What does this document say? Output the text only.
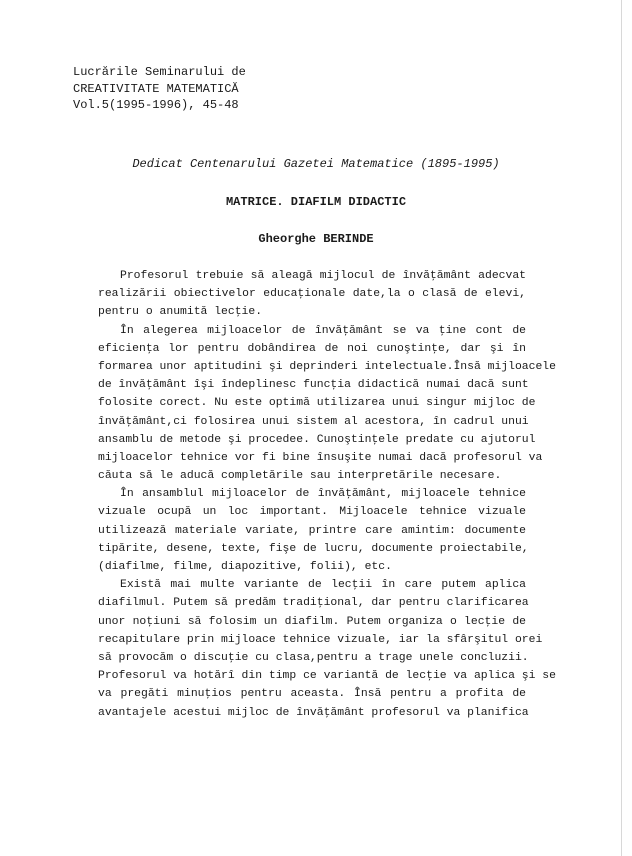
Lucrările Seminarului de
CREATIVITATE MATEMATICĂ
Vol.5(1995-1996), 45-48
Dedicat Centenarului Gazetei Matematice (1895-1995)
MATRICE. DIAFILM DIDACTIC
Gheorghe BERINDE
Profesorul trebuie să aleagă mijlocul de învăţământ adecvat
realizării obiectivelor educaţionale date,la o clasă de elevi,
pentru o anumită lecţie.
În alegerea mijloacelor de învăţământ se va ţine cont de
eficienţa lor pentru dobândirea de noi cunoştinţe, dar şi în
formarea unor aptitudini şi deprinderi intelectuale.Însă mijloacele
de învăţământ îşi îndeplinesc funcţia didactică numai dacă sunt
folosite corect. Nu este optimă utilizarea unui singur mijloc de
învăţământ,ci folosirea unui sistem al acestora, în cadrul unui
ansamblu de metode şi procedee. Cunoştinţele predate cu ajutorul
mijloacelor tehnice vor fi bine însuşite numai dacă profesorul va
căuta să le aducă completările sau interpretările necesare.
În ansamblul mijloacelor de învăţământ, mijloacele tehnice
vizuale ocupă un loc important. Mijloacele tehnice vizuale
utilizează materiale variate, printre care amintim: documente
tipărite, desene, texte, fişe de lucru, documente proiectabile,
(diafilme, filme, diapozitive, folii), etc.
Există mai multe variante de lecţii în care putem aplica
diafilmul. Putem să predăm tradiţional, dar pentru clarificarea
unor noţiuni să folosim un diafilm. Putem organiza o lecţie de
recapitulare prin mijloace tehnice vizuale, iar la sfârşitul orei
să provocăm o discuţie cu clasa,pentru a trage unele concluzii.
Profesorul va hotărî din timp ce variantă de lecţie va aplica şi se
va pregăti minuţios pentru aceasta. Însă pentru a profita de
avantajele acestui mijloc de învăţământ profesorul va planifica
